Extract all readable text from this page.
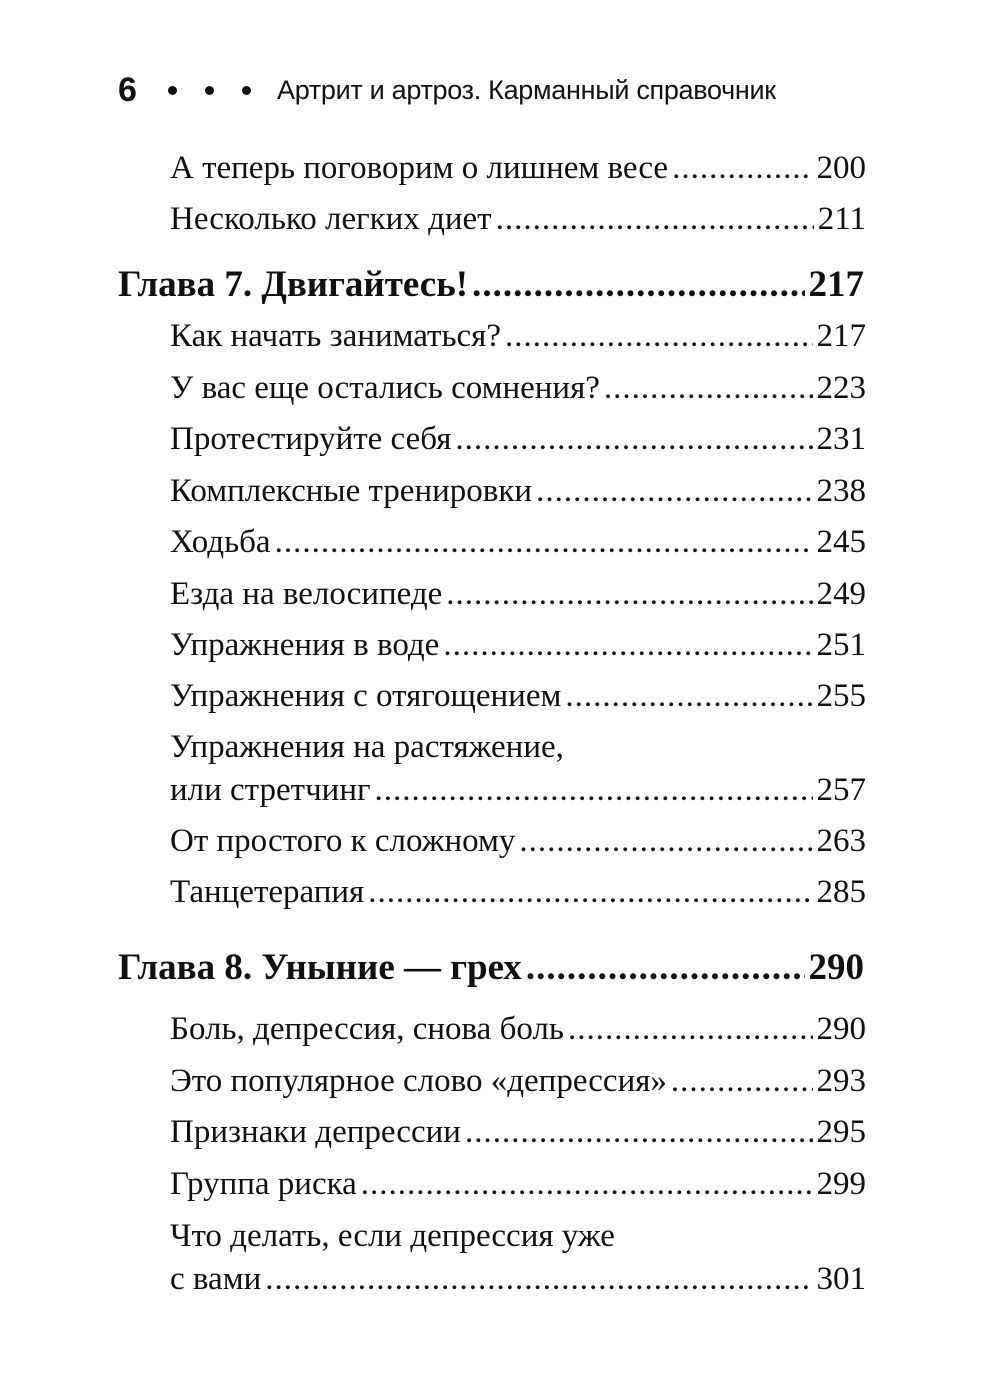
6	Артрит и артроз. Карманный справочник
А теперь поговорим о лишнем весе .....	200
Несколько легких диет .....	211
Глава 7. Двигайтесь! .....	217
Как начать заниматься? .....	217
У вас еще остались сомнения? .....	223
Протестируйте себя .....	231
Комплексные тренировки .....	238
Ходьба .....	245
Езда на велосипеде .....	249
Упражнения в воде .....	251
Упражнения с отягощением .....	255
Упражнения на растяжение,
или стретчинг .....	257
От простого к сложному .....	263
Танцетерапия .....	285
Глава 8. Уныние — грех .....	290
Боль, депрессия, снова боль .....	290
Это популярное слово «депрессия» .....	293
Признаки депрессии .....	295
Группа риска .....	299
Что делать, если депрессия уже
с вами .....	301
